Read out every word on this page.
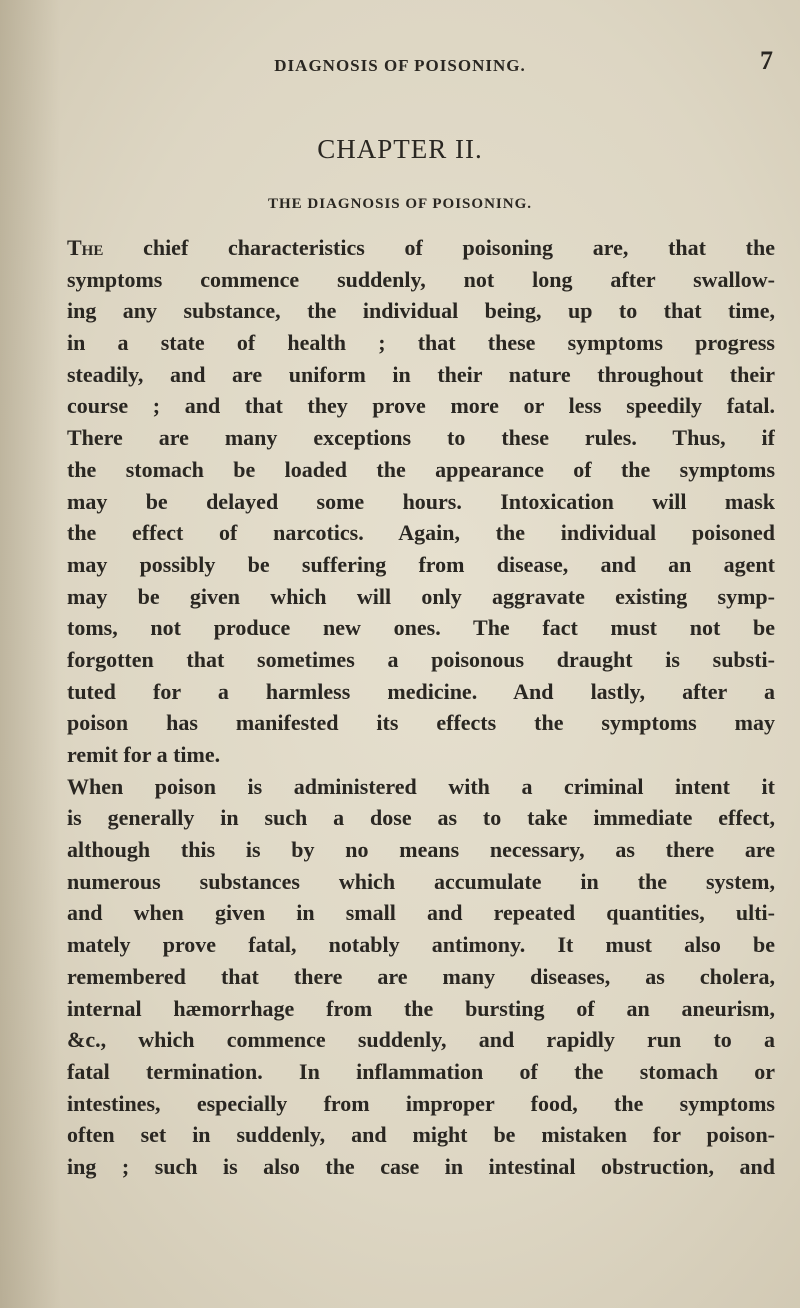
DIAGNOSIS OF POISONING.	7
CHAPTER II.
THE DIAGNOSIS OF POISONING.
The chief characteristics of poisoning are, that the
symptoms commence suddenly, not long after swallow-
ing any substance, the individual being, up to that time,
in a state of health ; that these symptoms progress
steadily, and are uniform in their nature throughout their
course ; and that they prove more or less speedily fatal.
There are many exceptions to these rules. Thus, if
the stomach be loaded the appearance of the symptoms
may be delayed some hours. Intoxication will mask
the effect of narcotics. Again, the individual poisoned
may possibly be suffering from disease, and an agent
may be given which will only aggravate existing symp-
toms, not produce new ones. The fact must not be
forgotten that sometimes a poisonous draught is substi-
tuted for a harmless medicine. And lastly, after a
poison has manifested its effects the symptoms may
remit for a time.
When poison is administered with a criminal intent it
is generally in such a dose as to take immediate effect,
although this is by no means necessary, as there are
numerous substances which accumulate in the system,
and when given in small and repeated quantities, ulti-
mately prove fatal, notably antimony. It must also be
remembered that there are many diseases, as cholera,
internal hæmorrhage from the bursting of an aneurism,
&c., which commence suddenly, and rapidly run to a
fatal termination. In inflammation of the stomach or
intestines, especially from improper food, the symptoms
often set in suddenly, and might be mistaken for poison-
ing ; such is also the case in intestinal obstruction, and
